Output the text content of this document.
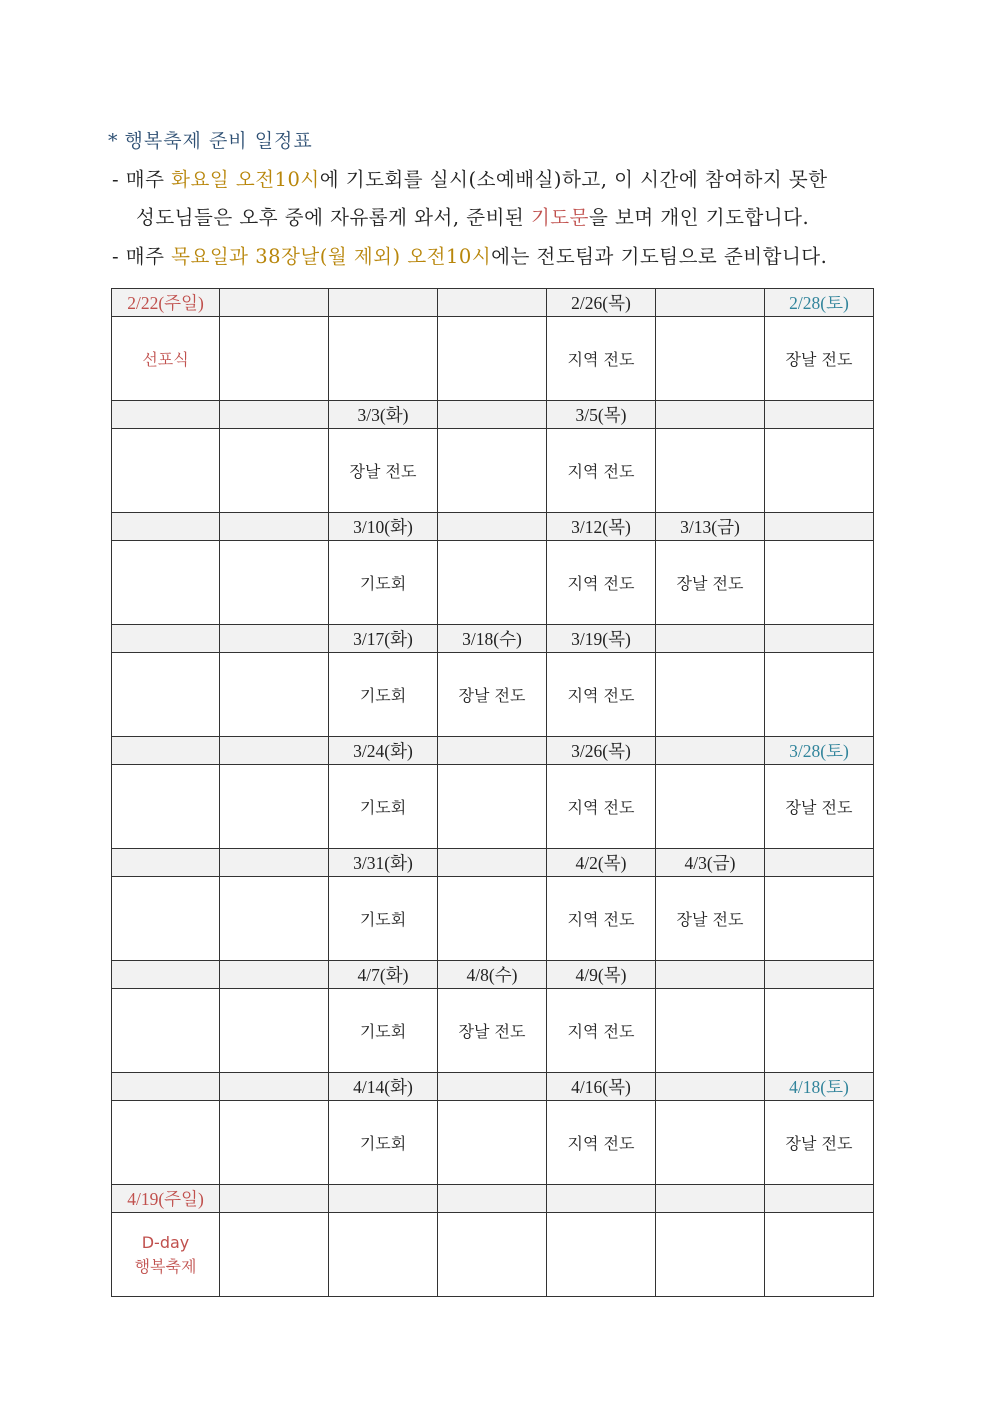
* 행복축제 준비 일정표
- 매주 화요일 오전10시에 기도회를 실시(소예배실)하고, 이 시간에 참여하지 못한
성도님들은 오후 중에 자유롭게 와서, 준비된 기도문을 보며 개인 기도합니다.
- 매주 목요일과 38장날(월 제외) 오전10시에는 전도팀과 기도팀으로 준비합니다.
2/22(주일)				2/26(목)		2/28(토)
선포식				지역 전도		장날 전도
		3/3(화)		3/5(목)		
		장날 전도		지역 전도		
		3/10(화)		3/12(목)	3/13(금)	
		기도회		지역 전도	장날 전도	
		3/17(화)	3/18(수)	3/19(목)		
		기도회	장날 전도	지역 전도		
		3/24(화)		3/26(목)		3/28(토)
		기도회		지역 전도		장날 전도
		3/31(화)		4/2(목)	4/3(금)	
		기도회		지역 전도	장날 전도	
		4/7(화)	4/8(수)	4/9(목)		
		기도회	장날 전도	지역 전도		
		4/14(화)		4/16(목)		4/18(토)
		기도회		지역 전도		장날 전도
4/19(주일)						

D-day
행복축제						
